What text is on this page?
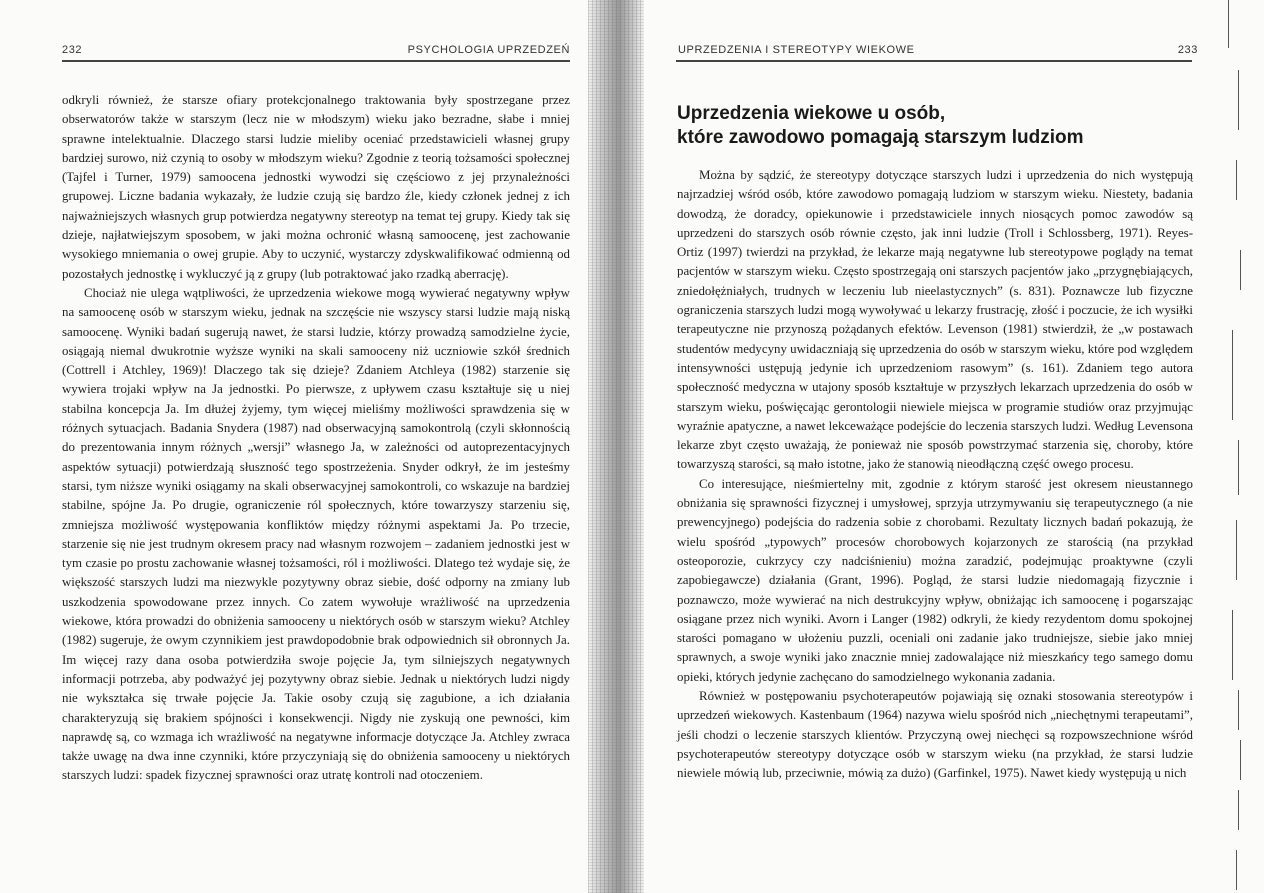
232	PSYCHOLOGIA UPRZEDZEŃ

odkryli również, że starsze ofiary protekcjonalnego traktowania były spostrzegane przez obserwatorów także w starszym (lecz nie w młodszym) wieku jako bezradne, słabe i mniej sprawne intelektualnie. Dlaczego starsi ludzie mieliby oceniać przedstawicieli własnej grupy bardziej surowo, niż czynią to osoby w młodszym wieku? Zgodnie z teorią tożsamości społecznej (Tajfel i Turner, 1979) samoocena jednostki wywodzi się częściowo z jej przynależności grupowej. Liczne badania wykazały, że ludzie czują się bardzo źle, kiedy członek jednej z ich najważniejszych własnych grup potwierdza negatywny stereotyp na temat tej grupy. Kiedy tak się dzieje, najłatwiejszym sposobem, w jaki można ochronić własną samoocenę, jest zachowanie wysokiego mniemania o owej grupie. Aby to uczynić, wystarczy zdyskwalifikować odmienną od pozostałych jednostkę i wykluczyć ją z grupy (lub potraktować jako rzadką aberrację).

Chociaż nie ulega wątpliwości, że uprzedzenia wiekowe mogą wywierać negatywny wpływ na samoocenę osób w starszym wieku, jednak na szczęście nie wszyscy starsi ludzie mają niską samoocenę. Wyniki badań sugerują nawet, że starsi ludzie, którzy prowadzą samodzielne życie, osiągają niemal dwukrotnie wyższe wyniki na skali samooceny niż uczniowie szkół średnich (Cottrell i Atchley, 1969)! Dlaczego tak się dzieje? Zdaniem Atchleya (1982) starzenie się wywiera trojaki wpływ na Ja jednostki. Po pierwsze, z upływem czasu kształtuje się u niej stabilna koncepcja Ja. Im dłużej żyjemy, tym więcej mieliśmy możliwości sprawdzenia się w różnych sytuacjach. Badania Snydera (1987) nad obserwacyjną samokontrolą (czyli skłonnością do prezentowania innym różnych „wersji” własnego Ja, w zależności od autoprezentacyjnych aspektów sytuacji) potwierdzają słuszność tego spostrzeżenia. Snyder odkrył, że im jesteśmy starsi, tym niższe wyniki osiągamy na skali obserwacyjnej samokontroli, co wskazuje na bardziej stabilne, spójne Ja. Po drugie, ograniczenie ról społecznych, które towarzyszy starzeniu się, zmniejsza możliwość występowania konfliktów między różnymi aspektami Ja. Po trzecie, starzenie się nie jest trudnym okresem pracy nad własnym rozwojem – zadaniem jednostki jest w tym czasie po prostu zachowanie własnej tożsamości, ról i możliwości. Dlatego też wydaje się, że większość starszych ludzi ma niezwykle pozytywny obraz siebie, dość odporny na zmiany lub uszkodzenia spowodowane przez innych. Co zatem wywołuje wrażliwość na uprzedzenia wiekowe, która prowadzi do obniżenia samooceny u niektórych osób w starszym wieku? Atchley (1982) sugeruje, że owym czynnikiem jest prawdopodobnie brak odpowiednich sił obronnych Ja. Im więcej razy dana osoba potwierdziła swoje pojęcie Ja, tym silniejszych negatywnych informacji potrzeba, aby podważyć jej pozytywny obraz siebie. Jednak u niektórych ludzi nigdy nie wykształca się trwałe pojęcie Ja. Takie osoby czują się zagubione, a ich działania charakteryzują się brakiem spójności i konsekwencji. Nigdy nie zyskują one pewności, kim naprawdę są, co wzmaga ich wrażliwość na negatywne informacje dotyczące Ja. Atchley zwraca także uwagę na dwa inne czynniki, które przyczyniają się do obniżenia samooceny u niektórych starszych ludzi: spadek fizycznej sprawności oraz utratę kontroli nad otoczeniem.

UPRZEDZENIA I STEREOTYPY WIEKOWE	233
Uprzedzenia wiekowe u osób,
które zawodowo pomagają starszym ludziom

Można by sądzić, że stereotypy dotyczące starszych ludzi i uprzedzenia do nich występują najrzadziej wśród osób, które zawodowo pomagają ludziom w starszym wieku. Niestety, badania dowodzą, że doradcy, opiekunowie i przedstawiciele innych niosących pomoc zawodów są uprzedzeni do starszych osób równie często, jak inni ludzie (Troll i Schlossberg, 1971). Reyes-Ortiz (1997) twierdzi na przykład, że lekarze mają negatywne lub stereotypowe poglądy na temat pacjentów w starszym wieku. Często spostrzegają oni starszych pacjentów jako „przygnębiających, zniedołężniałych, trudnych w leczeniu lub nieelastycznych” (s. 831). Poznawcze lub fizyczne ograniczenia starszych ludzi mogą wywoływać u lekarzy frustrację, złość i poczucie, że ich wysiłki terapeutyczne nie przynoszą pożądanych efektów. Levenson (1981) stwierdził, że „w postawach studentów medycyny uwidaczniają się uprzedzenia do osób w starszym wieku, które pod względem intensywności ustępują jedynie ich uprzedzeniom rasowym” (s. 161). Zdaniem tego autora społeczność medyczna w utajony sposób kształtuje w przyszłych lekarzach uprzedzenia do osób w starszym wieku, poświęcając gerontologii niewiele miejsca w programie studiów oraz przyjmując wyraźnie apatyczne, a nawet lekceważące podejście do leczenia starszych ludzi. Według Levensona lekarze zbyt często uważają, że ponieważ nie sposób powstrzymać starzenia się, choroby, które towarzyszą starości, są mało istotne, jako że stanowią nieodłączną część owego procesu.

Co interesujące, nieśmiertelny mit, zgodnie z którym starość jest okresem nieustannego obniżania się sprawności fizycznej i umysłowej, sprzyja utrzymywaniu się terapeutycznego (a nie prewencyjnego) podejścia do radzenia sobie z chorobami. Rezultaty licznych badań pokazują, że wielu spośród „typowych” procesów chorobowych kojarzonych ze starością (na przykład osteoporozie, cukrzycy czy nadciśnieniu) można zaradzić, podejmując proaktywne (czyli zapobiegawcze) działania (Grant, 1996). Pogląd, że starsi ludzie niedomagają fizycznie i poznawczo, może wywierać na nich destrukcyjny wpływ, obniżając ich samoocenę i pogarszając osiągane przez nich wyniki. Avorn i Langer (1982) odkryli, że kiedy rezydentom domu spokojnej starości pomagano w ułożeniu puzzli, oceniali oni zadanie jako trudniejsze, siebie jako mniej sprawnych, a swoje wyniki jako znacznie mniej zadowalające niż mieszkańcy tego samego domu opieki, których jedynie zachęcano do samodzielnego wykonania zadania.

Również w postępowaniu psychoterapeutów pojawiają się oznaki stosowania stereotypów i uprzedzeń wiekowych. Kastenbaum (1964) nazywa wielu spośród nich „niechętnymi terapeutami”, jeśli chodzi o leczenie starszych klientów. Przyczyną owej niechęci są rozpowszechnione wśród psychoterapeutów stereotypy dotyczące osób w starszym wieku (na przykład, że starsi ludzie niewiele mówią lub, przeciwnie, mówią za dużo) (Garfinkel, 1975). Nawet kiedy występują u nich
